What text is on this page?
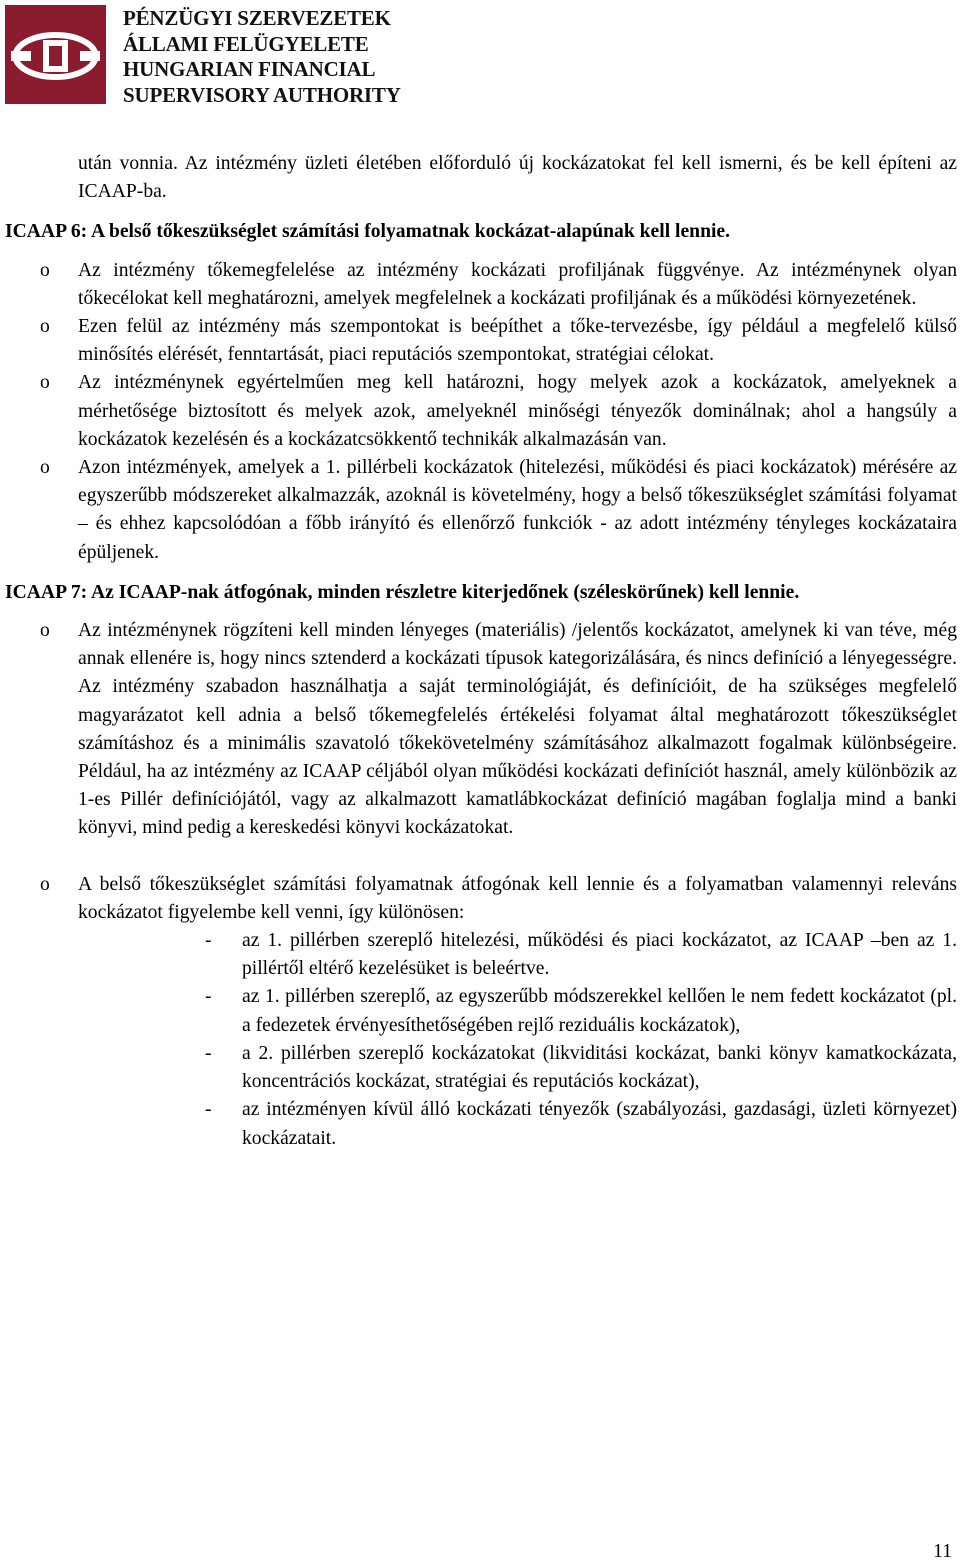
PÉNZÜGYI SZERVEZETEK
ÁLLAMI FELÜGYELETE
HUNGARIAN FINANCIAL
SUPERVISORY AUTHORITY

után vonnia. Az intézmény üzleti életében előforduló új kockázatokat fel kell ismerni, és be kell építeni az ICAAP-ba.

ICAAP 6: A belső tőkeszükséglet számítási folyamatnak kockázat-alapúnak kell lennie.

o Az intézmény tőkemegfelelése az intézmény kockázati profiljának függvénye. Az intézménynek olyan tőkecélokat kell meghatározni, amelyek megfelelnek a kockázati profiljának és a működési környezetének.
o Ezen felül az intézmény más szempontokat is beépíthet a tőke-tervezésbe, így például a megfelelő külső minősítés elérését, fenntartását, piaci reputációs szempontokat, stratégiai célokat.
o Az intézménynek egyértelműen meg kell határozni, hogy melyek azok a kockázatok, amelyeknek a mérhetősége biztosított és melyek azok, amelyeknél minőségi tényezők dominálnak; ahol a hangsúly a kockázatok kezelésén és a kockázatcsökkentő technikák alkalmazásán van.
o Azon intézmények, amelyek a 1. pillérbeli kockázatok (hitelezési, működési és piaci kockázatok) mérésére az egyszerűbb módszereket alkalmazzák, azoknál is követelmény, hogy a belső tőkeszükséglet számítási folyamat – és ehhez kapcsolódóan a főbb irányító és ellenőrző funkciók - az adott intézmény tényleges kockázataira épüljenek.

ICAAP 7: Az ICAAP-nak átfogónak, minden részletre kiterjedőnek (széleskörűnek) kell lennie.

o Az intézménynek rögzíteni kell minden lényeges (materiális) /jelentős kockázatot, amelynek ki van téve, még annak ellenére is, hogy nincs sztenderd a kockázati típusok kategorizálására, és nincs definíció a lényegességre. Az intézmény szabadon használhatja a saját terminológiáját, és definícióit, de ha szükséges megfelelő magyarázatot kell adnia a belső tőkemegfelelés értékelési folyamat által meghatározott tőkeszükséglet számításhoz és a minimális szavatoló tőkekövetelmény számításához alkalmazott fogalmak különbségeire. Például, ha az intézmény az ICAAP céljából olyan működési kockázati definíciót használ, amely különbözik az 1-es Pillér definíciójától, vagy az alkalmazott kamatlábkockázat definíció magában foglalja mind a banki könyvi, mind pedig a kereskedési könyvi kockázatokat.
o A belső tőkeszükséglet számítási folyamatnak átfogónak kell lennie és a folyamatban valamennyi releváns kockázatot figyelembe kell venni, így különösen:
- az 1. pillérben szereplő hitelezési, működési és piaci kockázatot, az ICAAP –ben az 1. pillértől eltérő kezelésüket is beleértve.
- az 1. pillérben szereplő, az egyszerűbb módszerekkel kellően le nem fedett kockázatot (pl. a fedezetek érvényesíthetőségében rejlő reziduális kockázatok),
- a 2. pillérben szereplő kockázatokat (likviditási kockázat, banki könyv kamatkockázata, koncentrációs kockázat, stratégiai és reputációs kockázat),
- az intézményen kívül álló kockázati tényezők (szabályozási, gazdasági, üzleti környezet) kockázatait.
11
